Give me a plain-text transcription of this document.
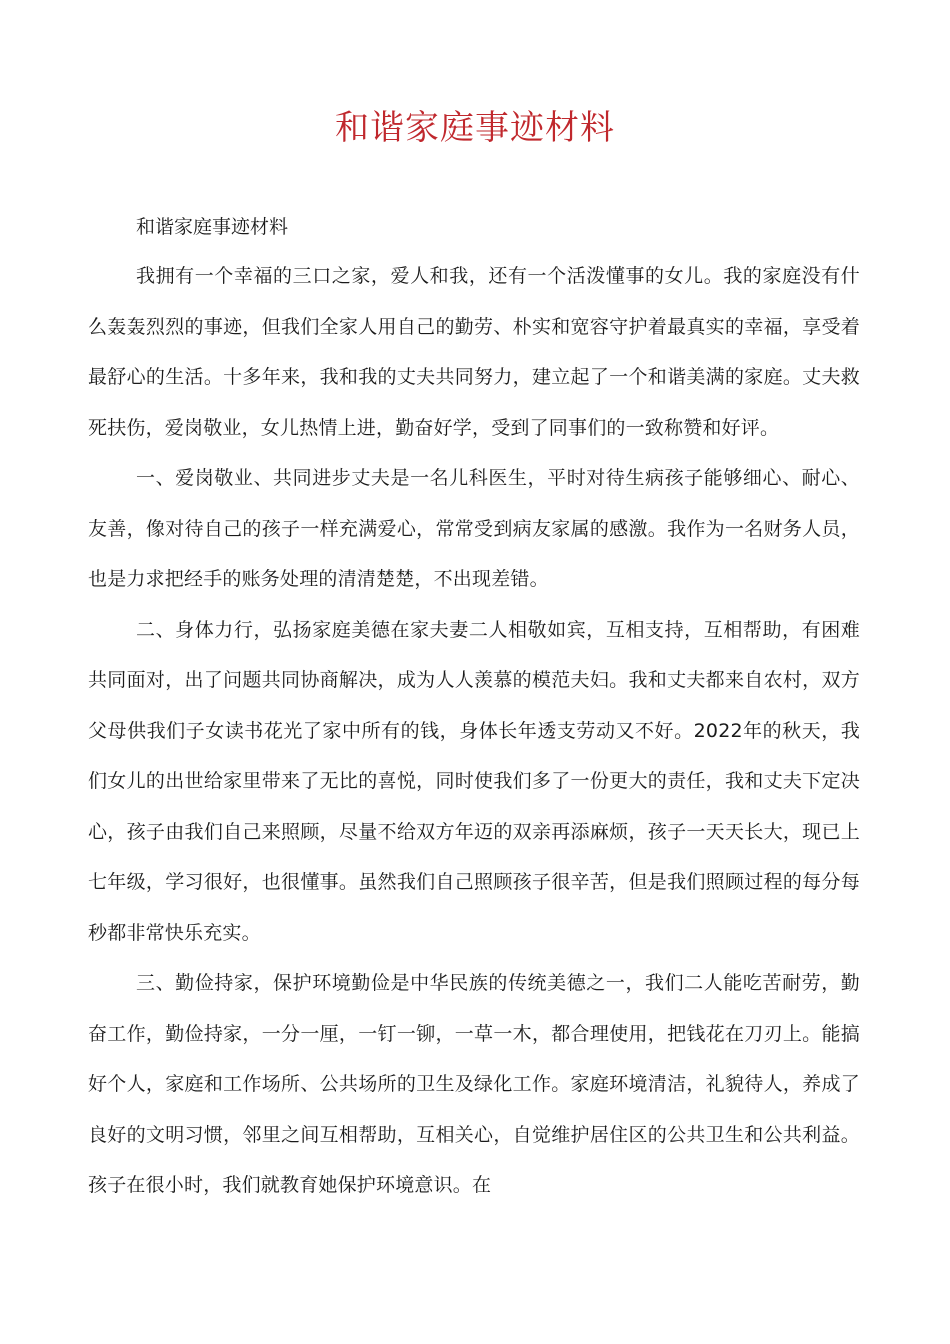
和谐家庭事迹材料

和谐家庭事迹材料

我拥有一个幸福的三口之家，爱人和我，还有一个活泼懂事的女儿。我的家庭没有什么轰轰烈烈的事迹，但我们全家人用自己的勤劳、朴实和宽容守护着最真实的幸福，享受着最舒心的生活。十多年来，我和我的丈夫共同努力，建立起了一个和谐美满的家庭。丈夫救死扶伤，爱岗敬业，女儿热情上进，勤奋好学，受到了同事们的一致称赞和好评。

一、爱岗敬业、共同进步丈夫是一名儿科医生，平时对待生病孩子能够细心、耐心、友善，像对待自己的孩子一样充满爱心，常常受到病友家属的感激。我作为一名财务人员，也是力求把经手的账务处理的清清楚楚，不出现差错。

二、身体力行，弘扬家庭美德在家夫妻二人相敬如宾，互相支持，互相帮助，有困难共同面对，出了问题共同协商解决，成为人人羡慕的模范夫妇。我和丈夫都来自农村，双方父母供我们子女读书花光了家中所有的钱，身体长年透支劳动又不好。2022年的秋天，我们女儿的出世给家里带来了无比的喜悦，同时使我们多了一份更大的责任，我和丈夫下定决心，孩子由我们自己来照顾，尽量不给双方年迈的双亲再添麻烦，孩子一天天长大，现已上七年级，学习很好，也很懂事。虽然我们自己照顾孩子很辛苦，但是我们照顾过程的每分每秒都非常快乐充实。

三、勤俭持家，保护环境勤俭是中华民族的传统美德之一，我们二人能吃苦耐劳，勤奋工作，勤俭持家，一分一厘，一钉一铆，一草一木，都合理使用，把钱花在刀刃上。能搞好个人，家庭和工作场所、公共场所的卫生及绿化工作。家庭环境清洁，礼貌待人，养成了良好的文明习惯，邻里之间互相帮助，互相关心，自觉维护居住区的公共卫生和公共利益。孩子在很小时，我们就教育她保护环境意识。在
